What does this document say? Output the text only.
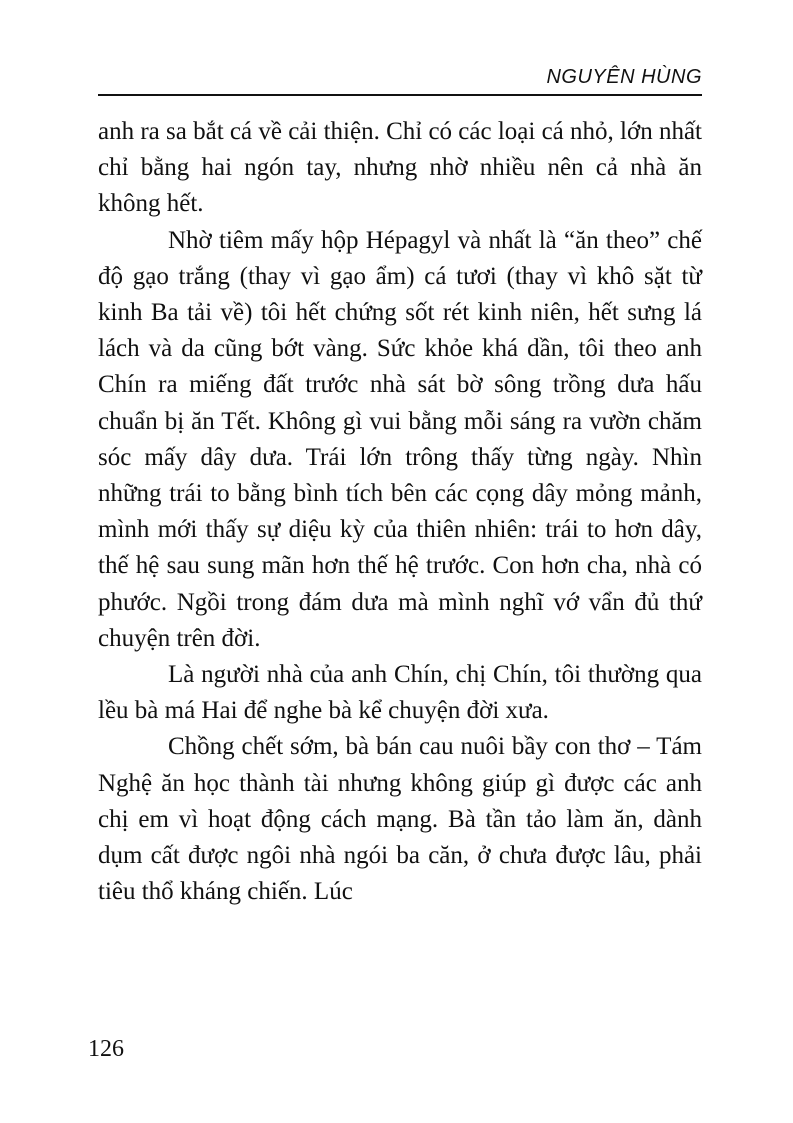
NGUYÊN HÙNG

anh ra sa bắt cá về cải thiện. Chỉ có các loại cá nhỏ, lớn nhất chỉ bằng hai ngón tay, nhưng nhờ nhiều nên cả nhà ăn không hết.

Nhờ tiêm mấy hộp Hépagyl và nhất là “ăn theo” chế độ gạo trắng (thay vì gạo ẩm) cá tươi (thay vì khô sặt từ kinh Ba tải về) tôi hết chứng sốt rét kinh niên, hết sưng lá lách và da cũng bớt vàng. Sức khỏe khá dần, tôi theo anh Chín ra miếng đất trước nhà sát bờ sông trồng dưa hấu chuẩn bị ăn Tết. Không gì vui bằng mỗi sáng ra vườn chăm sóc mấy dây dưa. Trái lớn trông thấy từng ngày. Nhìn những trái to bằng bình tích bên các cọng dây mỏng mảnh, mình mới thấy sự diệu kỳ của thiên nhiên: trái to hơn dây, thế hệ sau sung mãn hơn thế hệ trước. Con hơn cha, nhà có phước. Ngồi trong đám dưa mà mình nghĩ vớ vẩn đủ thứ chuyện trên đời.

Là người nhà của anh Chín, chị Chín, tôi thường qua lều bà má Hai để nghe bà kể chuyện đời xưa.

Chồng chết sớm, bà bán cau nuôi bầy con thơ – Tám Nghệ ăn học thành tài nhưng không giúp gì được các anh chị em vì hoạt động cách mạng. Bà tần tảo làm ăn, dành dụm cất được ngôi nhà ngói ba căn, ở chưa được lâu, phải tiêu thổ kháng chiến. Lúc

126
